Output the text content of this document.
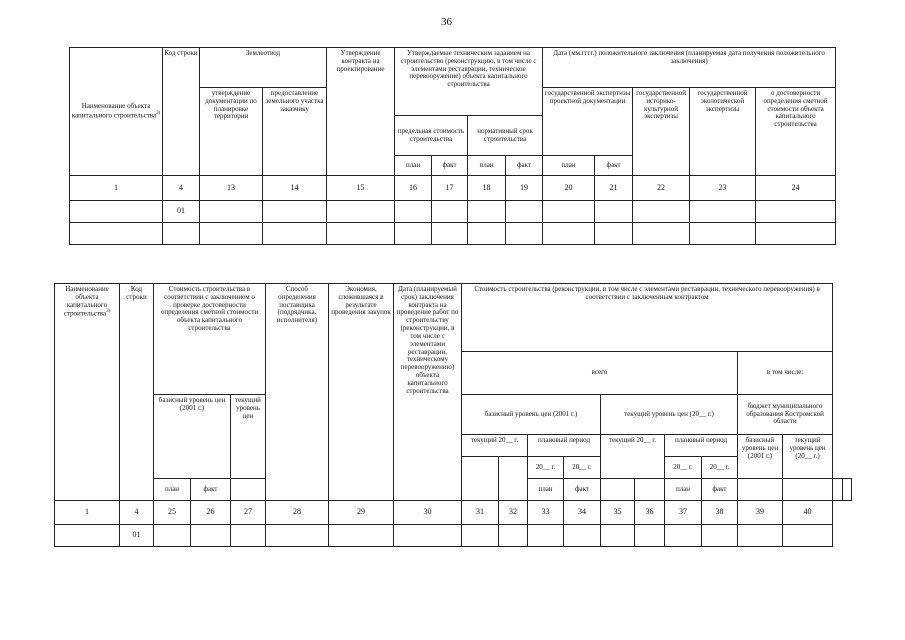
36
Наименование объекта капитального строительства$^{3)}$	Код строки	Землеотвод		Утверждение контракта на проектирование	Утверждаемые техническим заданием на строительство (реконструкцию, в том числе с элементами реставрации, техническое перевооружение) объекта капитального строительства				Дата (мм.гггг.) положительного заключения (планируемая дата получения положительного заключения)				
		утверждение документации по планировке территории	предоставление земельного участка заказчику						государственной экспертизы проектной документации		государственной историко-культурной экспертизы	государственной экологической экспертизы	о достоверности определения сметной стоимости объекта капитального строительства
					предельная стоимость строительства		нормативный срок строительства						
					план	факт	план	факт	план	факт			
1	4	13	14	15	16	17	18	19	20	21	22	23	24
	01												

Наименование объекта капитального строительства$^{3)}$	Код строки	Стоимость строительства в соответствии с заключением о проверке достоверности определения сметной стоимости объекта капитального строительства			Способ определения поставщика (подрядчика, исполнителя)	Экономия, сложившаяся в результате проведения закупок	Дата (планируемый срок) заключения контракта на проведение работ по строительству (реконструкции, в том числе с элементами реставрации, техническому перевооружению) объекта капитального строительства	Стоимость строительства (реконструкции, в том числе с элементами реставрации, технического перевооружения) в соответствии с заключенным контрактом											
								всего								в том числе:			
		базисный уровень цен (2001 г.)		текущий уровень цен				базисный уровень цен (2001 г.)				текущий уровень цен (20__ г.)				бюджет муниципального образования Костромской области			
								текущий 20__ г.		плановый период		текущий 20__ г.		плановый период		базисный уровень цен (2001 г.)	текущий уровень цен (20__ г.)		
										20__ г.	20__ г.			20__ г.	20__ г.				
		план	факт							план	факт			план	факт				
1	4	25	26	27	28	29	30	31	32	33	34	35	36	37	38	39	40		
	01																		
